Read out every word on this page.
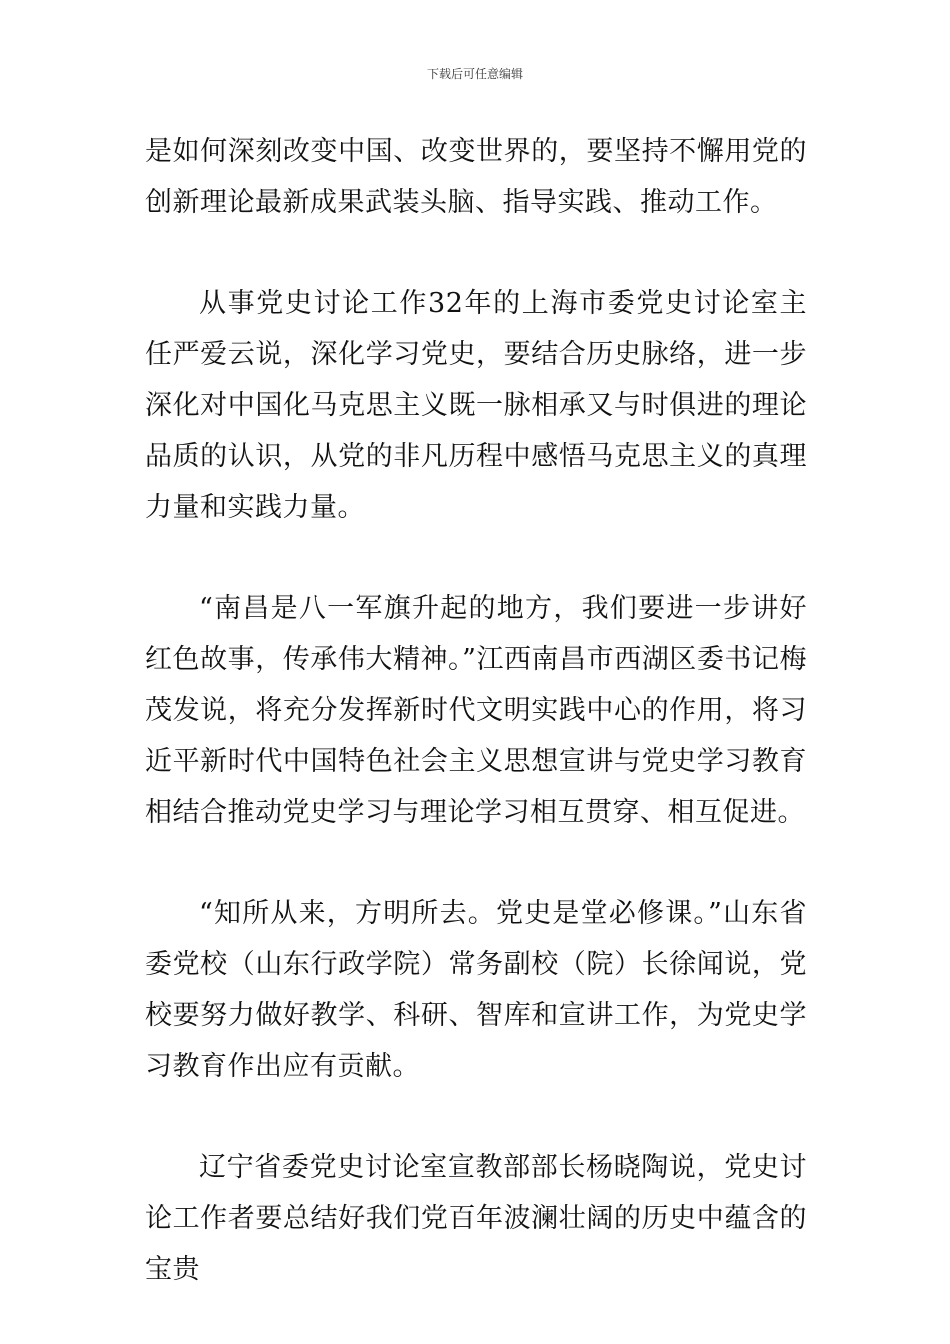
下载后可任意编辑

是如何深刻改变中国、改变世界的，要坚持不懈用党的创新理论最新成果武装头脑、指导实践、推动工作。

从事党史讨论工作32年的上海市委党史讨论室主任严爱云说，深化学习党史，要结合历史脉络，进一步深化对中国化马克思主义既一脉相承又与时俱进的理论品质的认识，从党的非凡历程中感悟马克思主义的真理力量和实践力量。

“南昌是八一军旗升起的地方，我们要进一步讲好红色故事，传承伟大精神。”江西南昌市西湖区委书记梅茂发说，将充分发挥新时代文明实践中心的作用，将习近平新时代中国特色社会主义思想宣讲与党史学习教育相结合推动党史学习与理论学习相互贯穿、相互促进。

“知所从来，方明所去。党史是堂必修课。”山东省委党校（山东行政学院）常务副校（院）长徐闻说，党校要努力做好教学、科研、智库和宣讲工作，为党史学习教育作出应有贡献。

辽宁省委党史讨论室宣教部部长杨晓陶说，党史讨论工作者要总结好我们党百年波澜壮阔的历史中蕴含的宝贵
